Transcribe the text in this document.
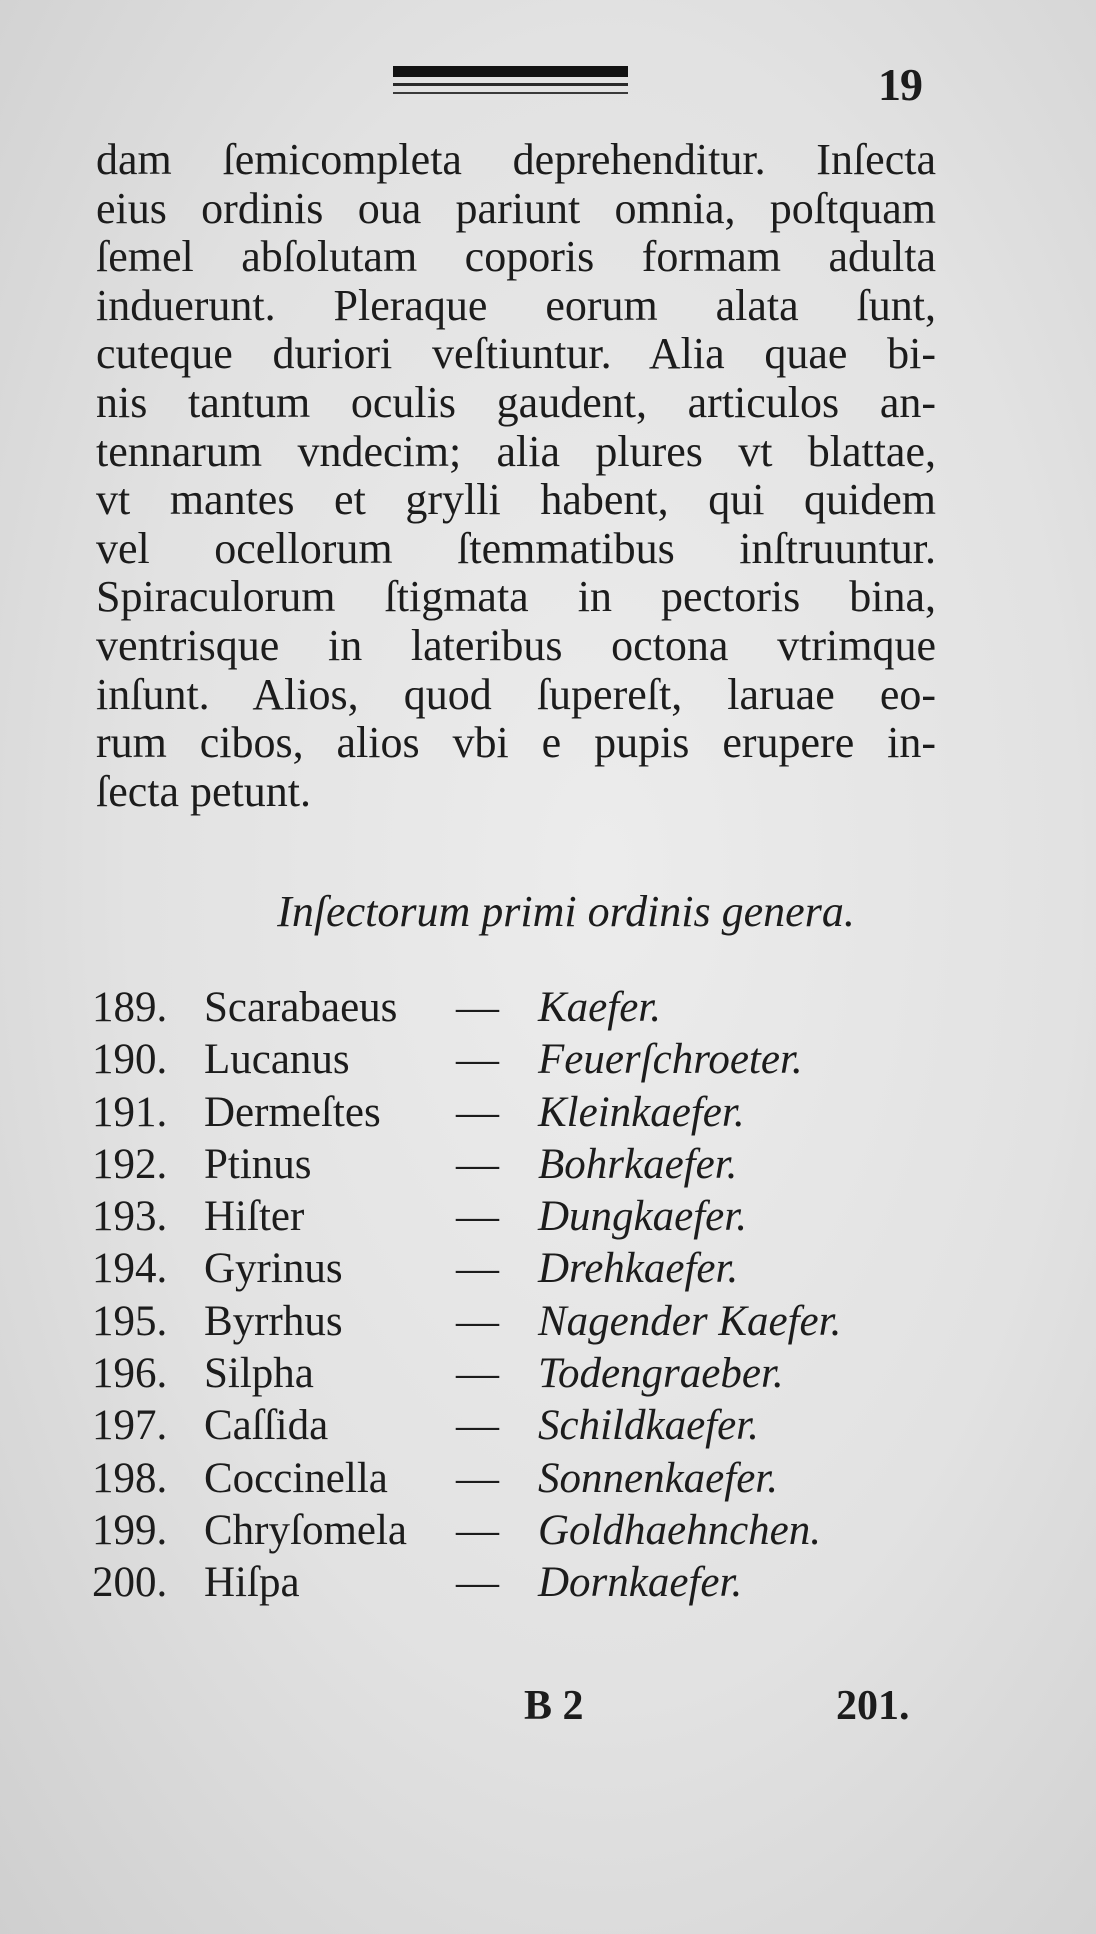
19

dam ſemicompleta deprehenditur. Inſecta
eius ordinis oua pariunt omnia, poſtquam
ſemel abſolutam coporis formam adulta
induerunt. Pleraque eorum alata ſunt,
cuteque duriori veſtiuntur. Alia quae bi-
nis tantum oculis gaudent, articulos an-
tennarum vndecim; alia plures vt blattae,
vt mantes et grylli habent, qui quidem
vel ocellorum ſtemmatibus inſtruuntur.
Spiraculorum ſtigmata in pectoris bina,
ventrisque in lateribus octona vtrimque
inſunt. Alios, quod ſupereſt, laruae eo-
rum cibos, alios vbi e pupis erupere in-
ſecta petunt.

Inſectorum primi ordinis genera.
189. Scarabaeus — Kaefer.
190. Lucanus — Feuerſchroeter.
191. Dermeſtes — Kleinkaefer.
192. Ptinus	— Bohrkaefer.
193. Hiſter	— Dungkaefer.
194. Gyrinus	— Drehkaefer.
195. Byrrhus	— Nagender Kaefer.
196. Silpha	— Todengraeber.
197. Caſſida	— Schildkaefer.
198. Coccinella — Sonnenkaefer.
199. Chryſomela — Goldhaehnchen.
200. Hiſpa	— Dornkaefer.
B 2	201.
